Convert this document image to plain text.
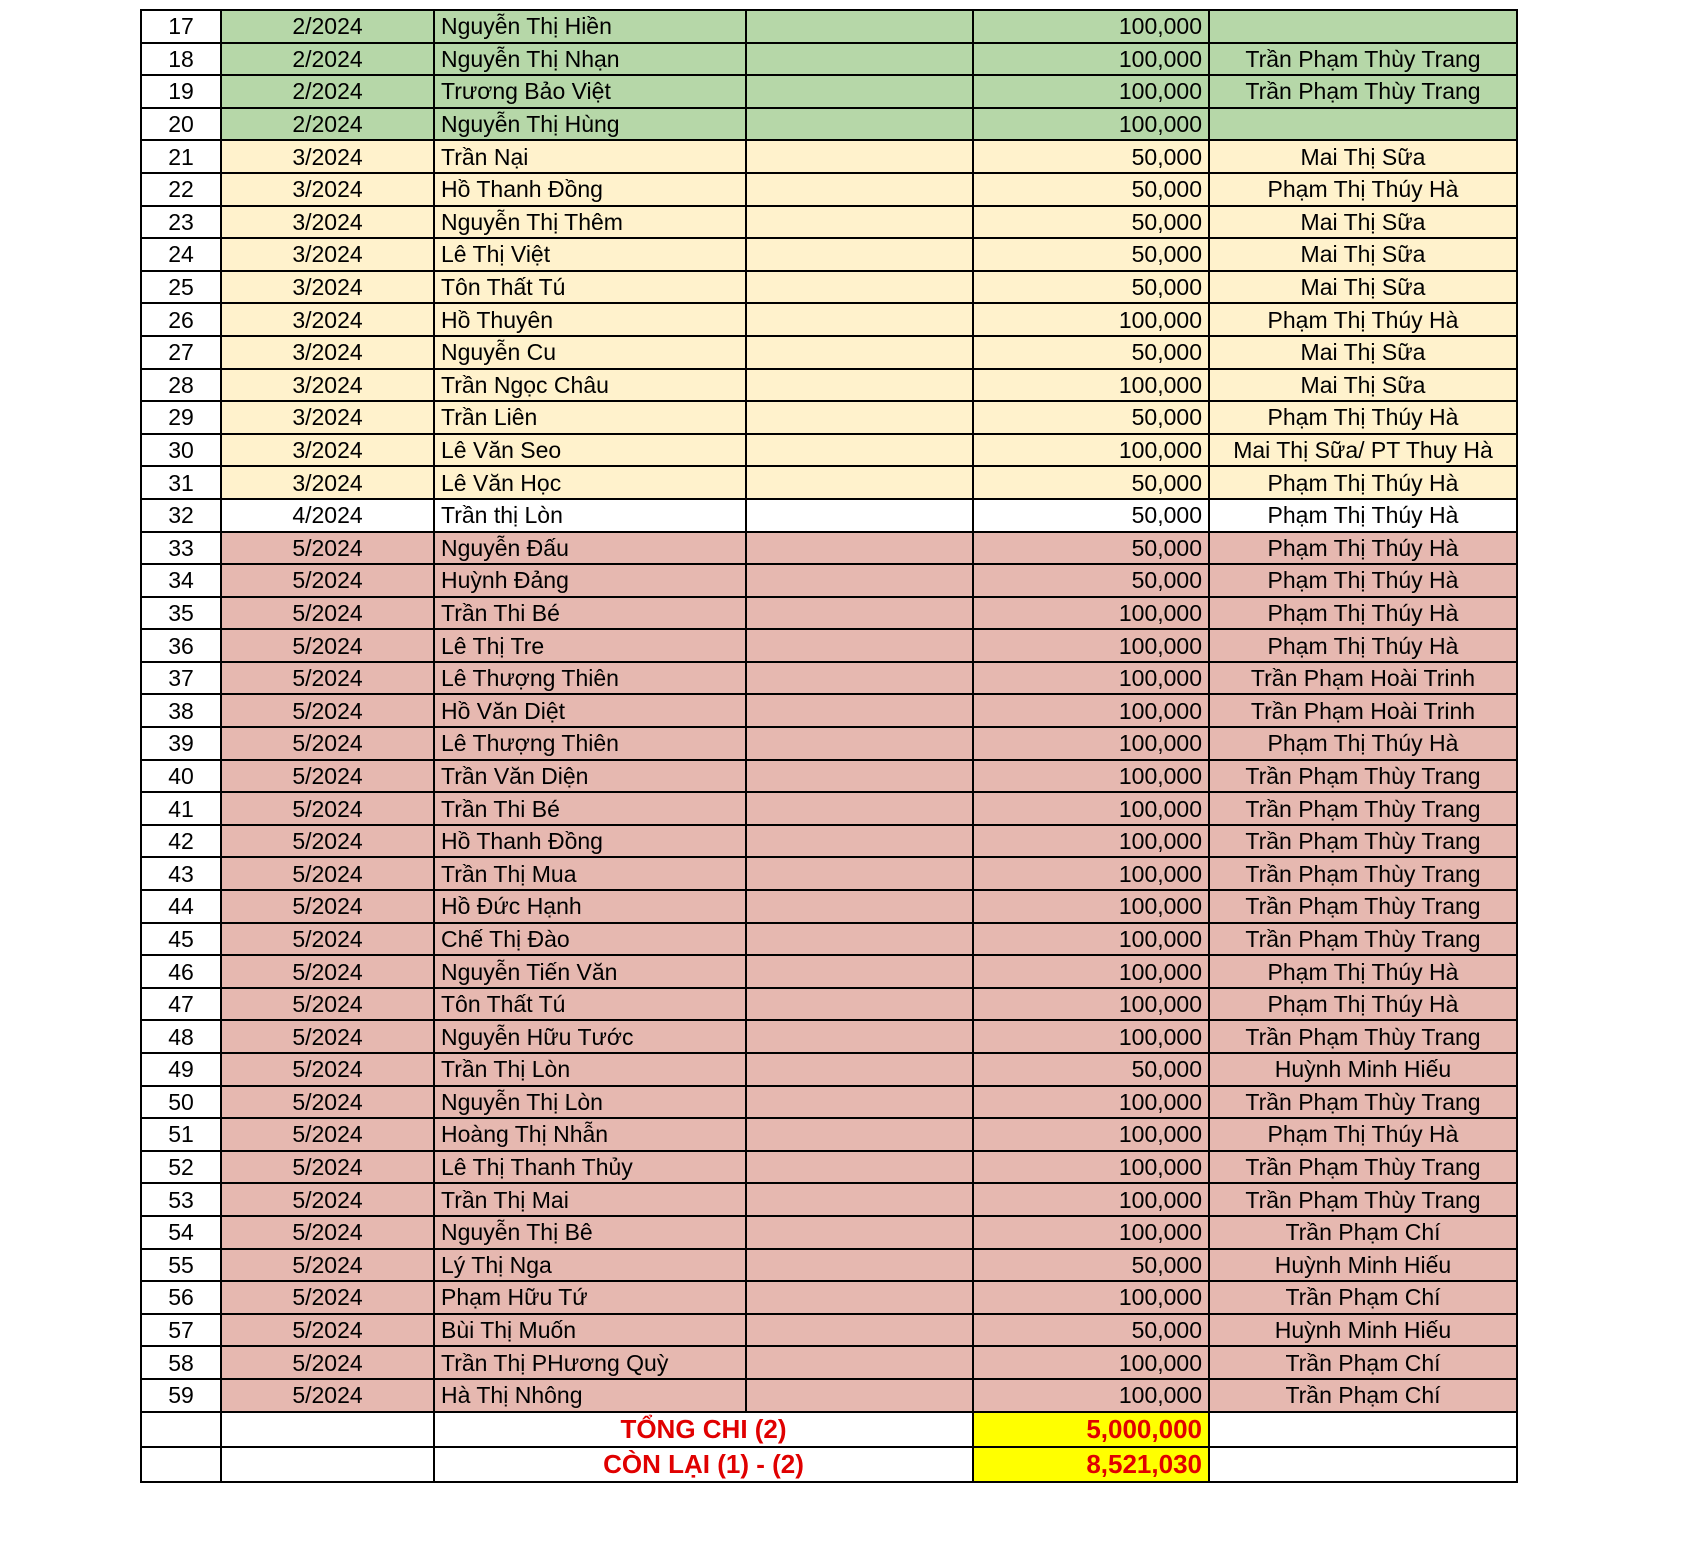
17	2/2024	Nguyễn Thị Hiền		100,000	
18	2/2024	Nguyễn Thị Nhạn		100,000	Trần Phạm Thùy Trang
19	2/2024	Trương Bảo Việt		100,000	Trần Phạm Thùy Trang
20	2/2024	Nguyễn Thị Hùng		100,000	
21	3/2024	Trần Nại		50,000	Mai Thị Sữa
22	3/2024	Hồ Thanh Đồng		50,000	Phạm Thị Thúy Hà
23	3/2024	Nguyễn Thị Thêm		50,000	Mai Thị Sữa
24	3/2024	Lê Thị Việt		50,000	Mai Thị Sữa
25	3/2024	Tôn Thất Tú		50,000	Mai Thị Sữa
26	3/2024	Hồ Thuyên		100,000	Phạm Thị Thúy Hà
27	3/2024	Nguyễn Cu		50,000	Mai Thị Sữa
28	3/2024	Trần Ngọc Châu		100,000	Mai Thị Sữa
29	3/2024	Trần Liên		50,000	Phạm Thị Thúy Hà
30	3/2024	Lê Văn Seo		100,000	Mai Thị Sữa/ PT Thuy Hà
31	3/2024	Lê Văn Học		50,000	Phạm Thị Thúy Hà
32	4/2024	Trần thị Lòn		50,000	Phạm Thị Thúy Hà
33	5/2024	Nguyễn Đấu		50,000	Phạm Thị Thúy Hà
34	5/2024	Huỳnh Đảng		50,000	Phạm Thị Thúy Hà
35	5/2024	Trần Thi Bé		100,000	Phạm Thị Thúy Hà
36	5/2024	Lê Thị Tre		100,000	Phạm Thị Thúy Hà
37	5/2024	Lê Thượng Thiên		100,000	Trần Phạm Hoài Trinh
38	5/2024	Hồ Văn Diệt		100,000	Trần Phạm Hoài Trinh
39	5/2024	Lê Thượng Thiên		100,000	Phạm Thị Thúy Hà
40	5/2024	Trần Văn Diện		100,000	Trần Phạm Thùy Trang
41	5/2024	Trần Thi Bé		100,000	Trần Phạm Thùy Trang
42	5/2024	Hồ Thanh Đồng		100,000	Trần Phạm Thùy Trang
43	5/2024	Trần Thị Mua		100,000	Trần Phạm Thùy Trang
44	5/2024	Hồ Đức Hạnh		100,000	Trần Phạm Thùy Trang
45	5/2024	Chế Thị Đào		100,000	Trần Phạm Thùy Trang
46	5/2024	Nguyễn Tiến Văn		100,000	Phạm Thị Thúy Hà
47	5/2024	Tôn Thất Tú		100,000	Phạm Thị Thúy Hà
48	5/2024	Nguyễn Hữu Tước		100,000	Trần Phạm Thùy Trang
49	5/2024	Trần Thị Lòn		50,000	Huỳnh Minh Hiếu
50	5/2024	Nguyễn Thị Lòn		100,000	Trần Phạm Thùy Trang
51	5/2024	Hoàng Thị Nhẫn		100,000	Phạm Thị Thúy Hà
52	5/2024	Lê Thị Thanh Thủy		100,000	Trần Phạm Thùy Trang
53	5/2024	Trần Thị Mai		100,000	Trần Phạm Thùy Trang
54	5/2024	Nguyễn Thị Bê		100,000	Trần Phạm Chí
55	5/2024	Lý Thị Nga		50,000	Huỳnh Minh Hiếu
56	5/2024	Phạm Hữu Tứ		100,000	Trần Phạm Chí
57	5/2024	Bùi Thị Muốn		50,000	Huỳnh Minh Hiếu
58	5/2024	Trần Thị PHương Quỳ		100,000	Trần Phạm Chí
59	5/2024	Hà Thị Nhông		100,000	Trần Phạm Chí
		TỔNG CHI (2)		5,000,000	
		CÒN LẠI (1) - (2)		8,521,030	
